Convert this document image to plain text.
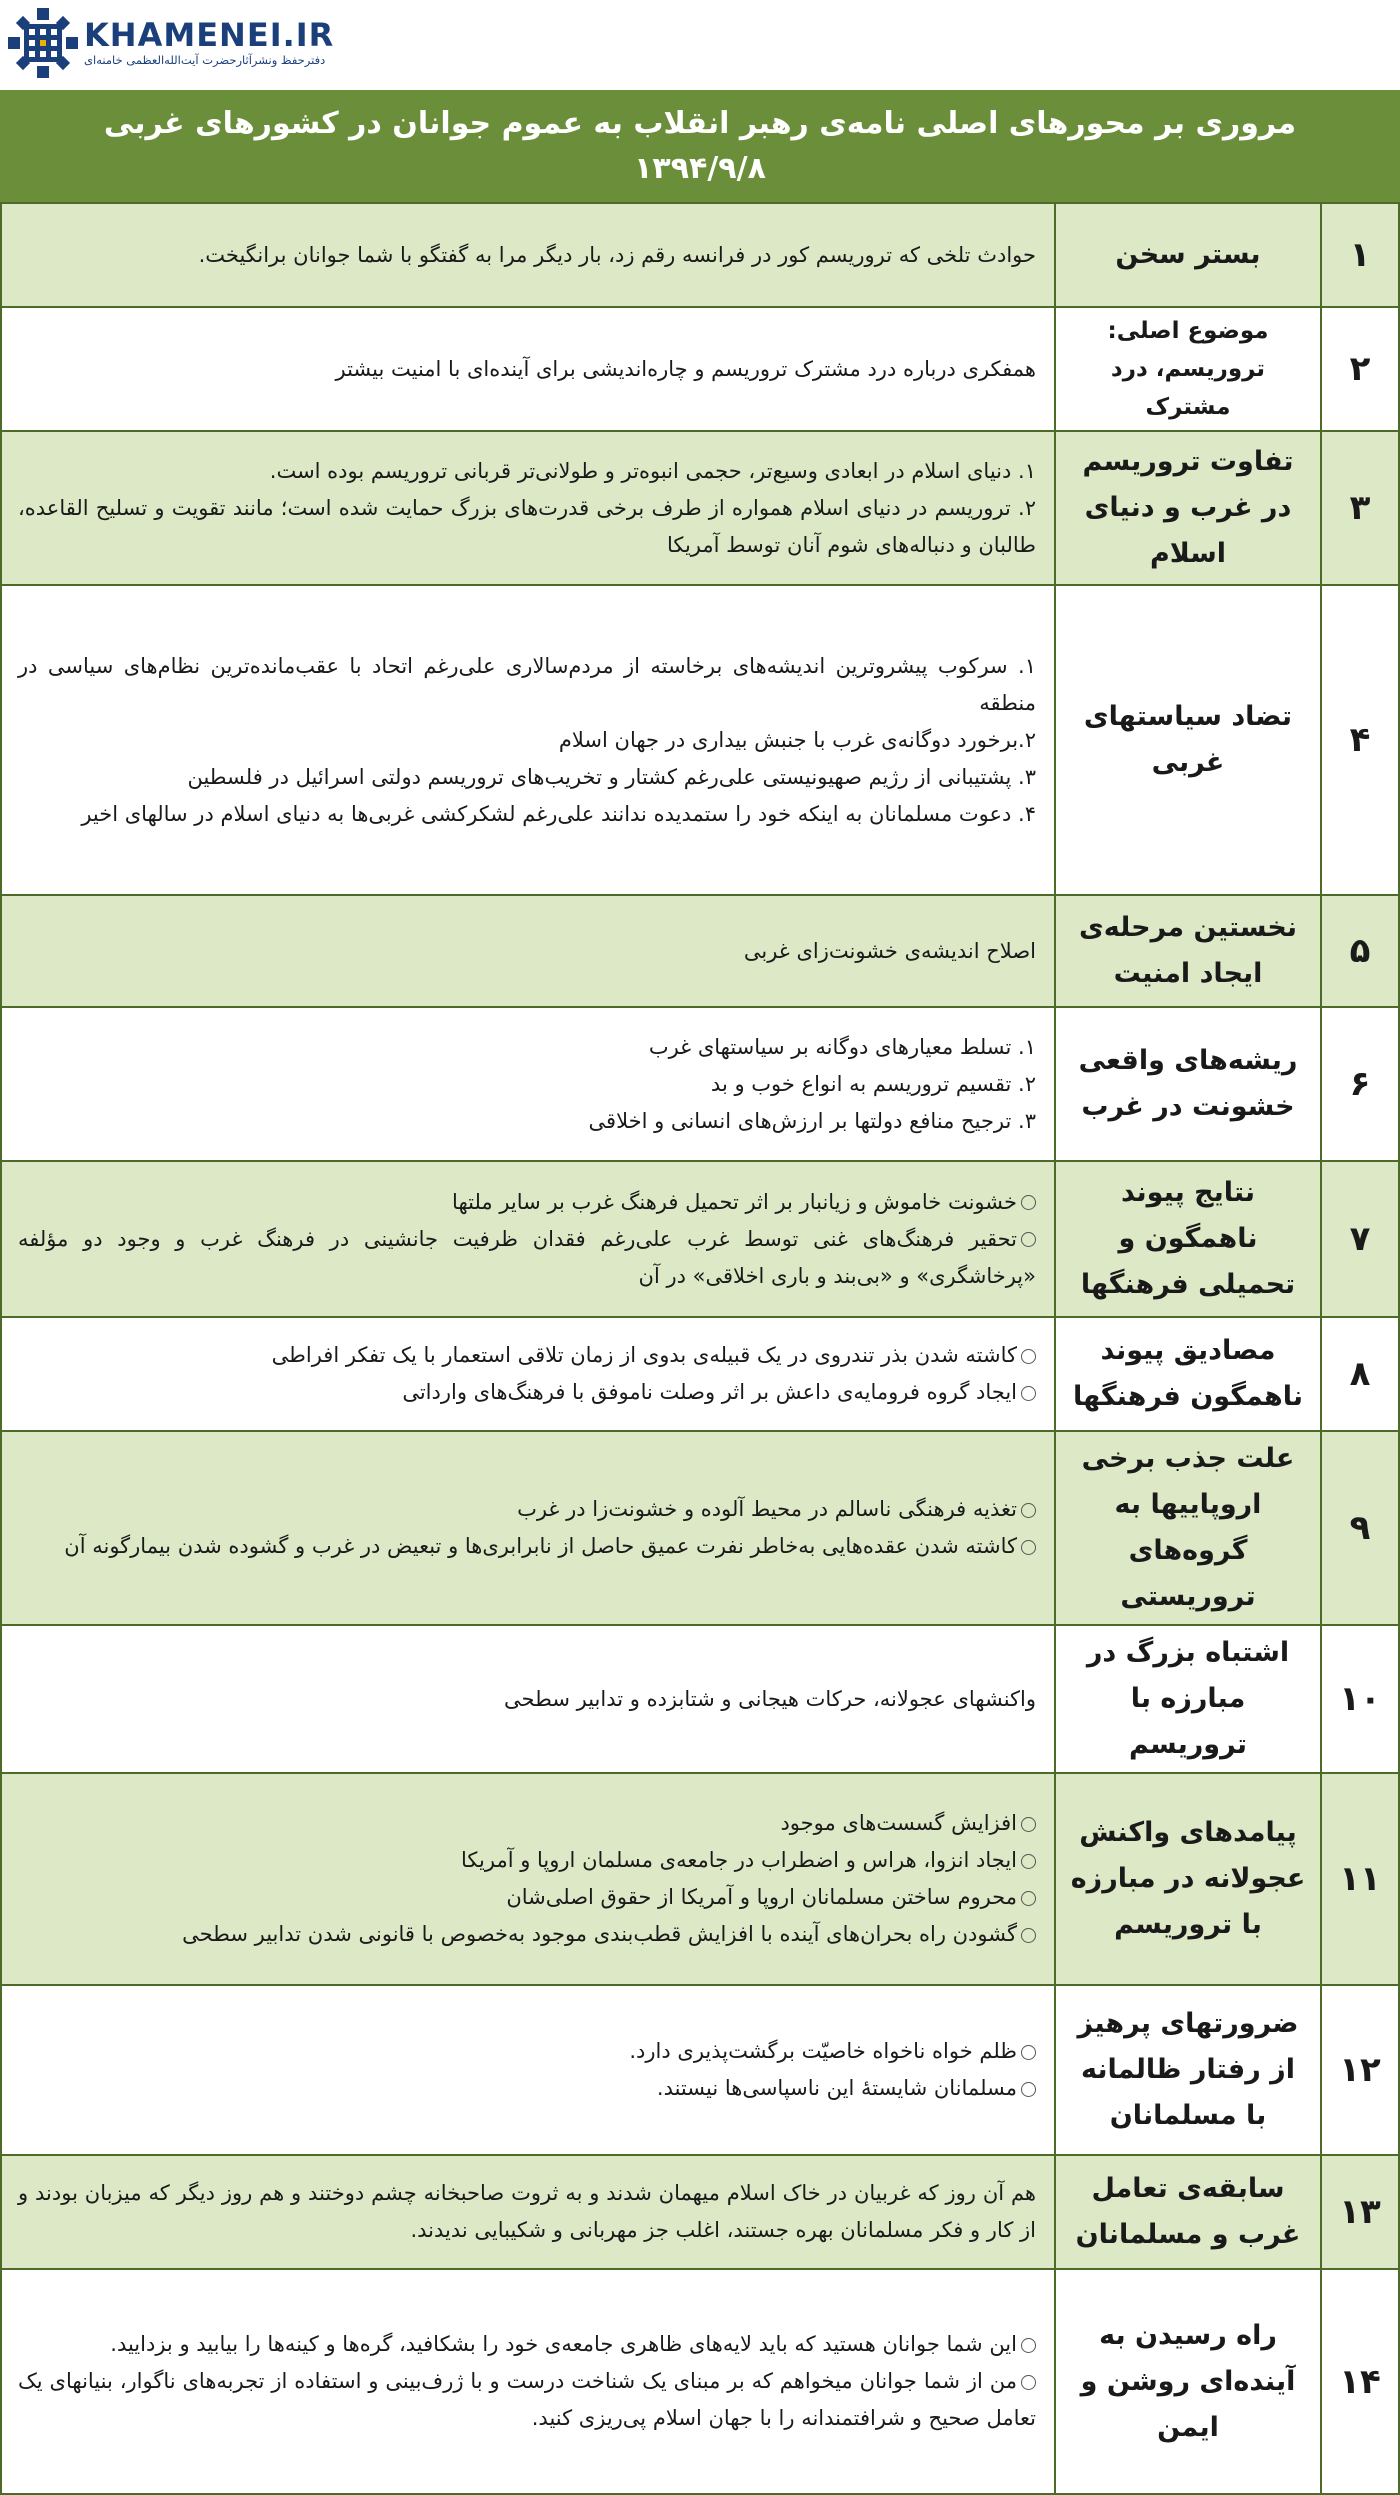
KHAMENEI.IR
دفترحفظ ونشرآثارحضرت آیت‌الله‌العظمی خامنه‌ای
مروری بر محورهای اصلی نامه‌ی رهبر انقلاب به عموم جوانان در کشورهای غربی
۱۳۹۴/۹/۸
۱	بستر سخن	حوادث تلخی که تروریسم کور در فرانسه رقم زد، بار دیگر مرا به گفتگو با شما جوانان برانگیخت.

۲	موضوع اصلی: تروریسم، درد مشترک	همفکری درباره درد مشترک تروریسم و چاره‌اندیشی برای آینده‌ای با امنیت بیشتر

۳	تفاوت تروریسم در غرب و دنیای اسلام	۱. دنیای اسلام در ابعادی وسیع‌تر، حجمی انبوه‌تر و طولانی‌تر قربانی تروریسم بوده است.
۲. تروریسم در دنیای اسلام همواره از طرف برخی قدرت‌های بزرگ حمایت شده است؛ مانند تقویت و تسلیح القاعده، طالبان و دنباله‌های شوم آنان توسط آمریکا

۴	تضاد سیاستهای غربی	۱. سرکوب پیشروترین اندیشه‌های برخاسته از مردم‌سالاری علی‌رغم اتحاد با عقب‌مانده‌ترین نظام‌های سیاسی در منطقه
۲.برخورد دوگانه‌ی غرب با جنبش بیداری در جهان اسلام
۳. پشتیبانی از رژیم صهیونیستی علی‌رغم کشتار و تخریب‌های تروریسم دولتی اسرائیل در فلسطین
۴. دعوت مسلمانان به اینکه خود را ستمدیده ندانند علی‌رغم لشکرکشی غربی‌ها به دنیای اسلام در سالهای اخیر

۵	نخستین مرحله‌ی ایجاد امنیت	اصلاح اندیشه‌ی خشونت‌زای غربی

۶	ریشه‌های واقعی خشونت در غرب	۱. تسلط معیارهای دوگانه بر سیاستهای غرب
۲. تقسیم تروریسم به انواع خوب و بد
۳. ترجیح منافع دولتها بر ارزش‌های انسانی و اخلاقی

۷	نتایج پیوند ناهمگون و تحمیلی فرهنگها	خشونت خاموش و زیانبار بر اثر تحمیل فرهنگ غرب بر سایر ملتها
تحقیر فرهنگ‌های غنی توسط غرب علی‌رغم فقدان ظرفیت جانشینی در فرهنگ غرب و وجود دو مؤلفه «پرخاشگری» و «بی‌بند و باری اخلاقی» در آن

۸	مصادیق پیوند ناهمگون فرهنگها	کاشته شدن بذر تندروی در یک قبیله‌ی بدوی از زمان تلاقی استعمار با یک تفکر افراطی
ایجاد گروه فرومایه‌ی داعش بر اثر وصلت ناموفق با فرهنگ‌های وارداتی

۹	علت جذب برخی اروپاییها به گروه‌های تروریستی	تغذیه فرهنگی ناسالم در محیط آلوده و خشونت‌زا در غرب
کاشته شدن عقده‌هایی به‌خاطر نفرت عمیق حاصل از نابرابری‌ها و تبعیض در غرب و گشوده شدن بیمارگونه آن

۱۰	اشتباه بزرگ در مبارزه با تروریسم	واکنشهای عجولانه، حرکات هیجانی و شتابزده و تدابیر سطحی

۱۱	پیامدهای واکنش عجولانه در مبارزه با تروریسم	افزایش گسست‌های موجود
ایجاد انزوا، هراس و اضطراب در جامعه‌ی مسلمان اروپا و آمریکا
محروم ساختن مسلمانان اروپا و آمریکا از حقوق اصلی‌شان
گشودن راه بحران‌های آینده با افزایش قطب‌بندی موجود به‌خصوص با قانونی شدن تدابیر سطحی

۱۲	ضرورتهای پرهیز از رفتار ظالمانه با مسلمانان	ظلم خواه ناخواه خاصیّت برگشت‌پذیری دارد.
مسلمانان شایستهٔ این ناسپاسی‌ها نیستند.

۱۳	سابقه‌ی تعامل غرب و مسلمانان	هم آن روز که غربیان در خاک اسلام میهمان شدند و به ثروت صاحبخانه چشم دوختند و هم روز دیگر که میزبان بودند و از کار و فکر مسلمانان بهره جستند، اغلب جز مهربانی و شکیبایی ندیدند.

۱۴	راه رسیدن به آینده‌ای روشن و ایمن	این شما جوانان هستید که باید لایه‌های ظاهری جامعه‌ی خود را بشکافید، گره‌ها و کینه‌ها را بیابید و بزدایید.
من از شما جوانان میخواهم که بر مبنای یک شناخت درست و با ژرف‌بینی و استفاده از تجربه‌های ناگوار، بنیانهای یک تعامل صحیح و شرافتمندانه را با جهان اسلام پی‌ریزی کنید.
